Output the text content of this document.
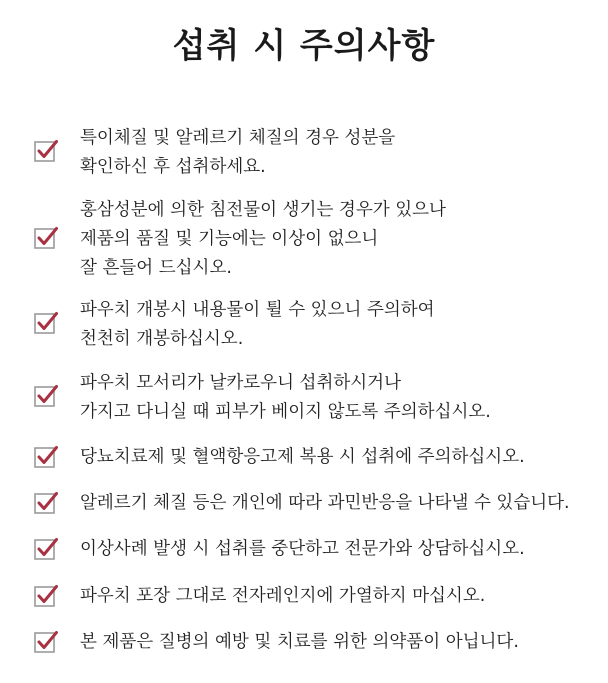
섭취 시 주의사항
특이체질 및 알레르기 체질의 경우 성분을
확인하신 후 섭취하세요.
홍삼성분에 의한 침전물이 생기는 경우가 있으나
제품의 품질 및 기능에는 이상이 없으니
잘 흔들어 드십시오.
파우치 개봉시 내용물이 튈 수 있으니 주의하여
천천히 개봉하십시오.
파우치 모서리가 날카로우니 섭취하시거나
가지고 다니실 때 피부가 베이지 않도록 주의하십시오.
당뇨치료제 및 혈액항응고제 복용 시 섭취에 주의하십시오.
알레르기 체질 등은 개인에 따라 과민반응을 나타낼 수 있습니다.
이상사례 발생 시 섭취를 중단하고 전문가와 상담하십시오.
파우치 포장 그대로 전자레인지에 가열하지 마십시오.
본 제품은 질병의 예방 및 치료를 위한 의약품이 아닙니다.
